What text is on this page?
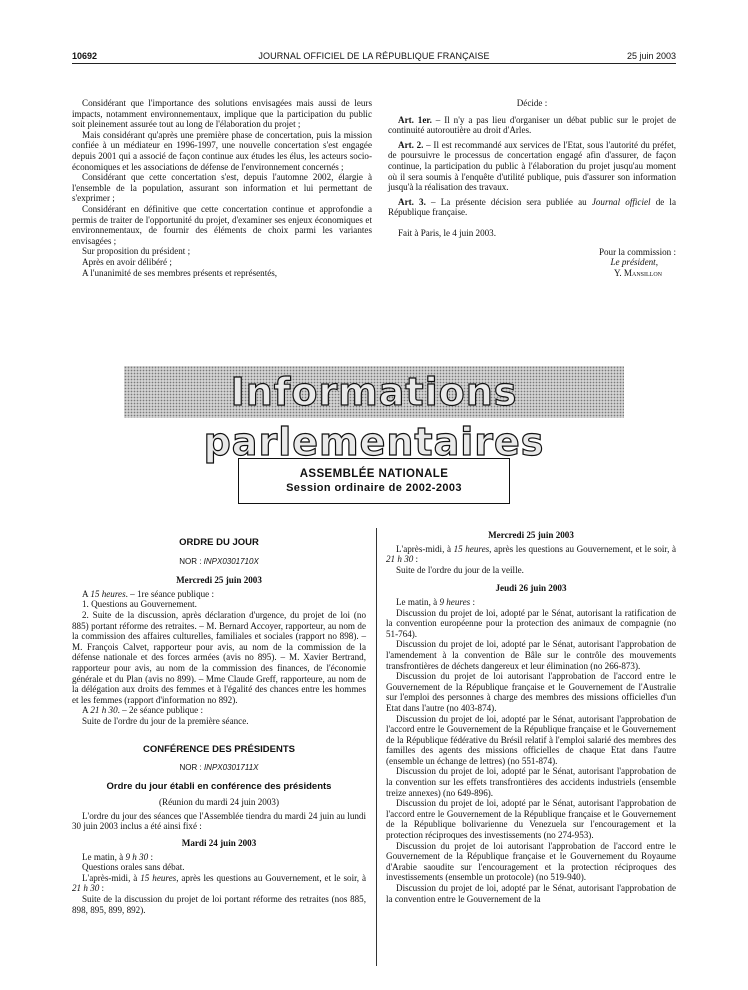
10692	JOURNAL OFFICIEL DE LA RÉPUBLIQUE FRANÇAISE	25 juin 2003

Considérant que l'importance des solutions envisagées mais aussi de leurs impacts, notamment environnementaux, implique que la participation du public soit pleinement assurée tout au long de l'élaboration du projet ;

Mais considérant qu'après une première phase de concertation, puis la mission confiée à un médiateur en 1996-1997, une nouvelle concertation s'est engagée depuis 2001 qui a associé de façon continue aux études les élus, les acteurs socio-économiques et les associations de défense de l'environnement concernés ;

Considérant que cette concertation s'est, depuis l'automne 2002, élargie à l'ensemble de la population, assurant son information et lui permettant de s'exprimer ;

Considérant en définitive que cette concertation continue et approfondie a permis de traiter de l'opportunité du projet, d'examiner ses enjeux économiques et environnementaux, de fournir des éléments de choix parmi les variantes envisagées ;

Sur proposition du président ;

Après en avoir délibéré ;

A l'unanimité de ses membres présents et représentés,

Décide :

Art. 1er. – Il n'y a pas lieu d'organiser un débat public sur le projet de continuité autoroutière au droit d'Arles.

Art. 2. – Il est recommandé aux services de l'Etat, sous l'autorité du préfet, de poursuivre le processus de concertation engagé afin d'assurer, de façon continue, la participation du public à l'élaboration du projet jusqu'au moment où il sera soumis à l'enquête d'utilité publique, puis d'assurer son information jusqu'à la réalisation des travaux.

Art. 3. – La présente décision sera publiée au Journal officiel de la République française.

Fait à Paris, le 4 juin 2003.

Pour la commission :
Le président,
Y. Mansillon
Informations parlementaires
ASSEMBLÉE NATIONALE
Session ordinaire de 2002-2003

ORDRE DU JOUR

NOR : INPX0301710X

Mercredi 25 juin 2003

A 15 heures. – 1re séance publique :

1. Questions au Gouvernement.

2. Suite de la discussion, après déclaration d'urgence, du projet de loi (no 885) portant réforme des retraites. – M. Bernard Accoyer, rapporteur, au nom de la commission des affaires culturelles, familiales et sociales (rapport no 898). – M. François Calvet, rapporteur pour avis, au nom de la commission de la défense nationale et des forces armées (avis no 895). – M. Xavier Bertrand, rapporteur pour avis, au nom de la commission des finances, de l'économie générale et du Plan (avis no 899). – Mme Claude Greff, rapporteure, au nom de la délégation aux droits des femmes et à l'égalité des chances entre les hommes et les femmes (rapport d'information no 892).

A 21 h 30. – 2e séance publique :

Suite de l'ordre du jour de la première séance.

CONFÉRENCE DES PRÉSIDENTS

NOR : INPX0301711X

Ordre du jour établi en conférence des présidents

(Réunion du mardi 24 juin 2003)

L'ordre du jour des séances que l'Assemblée tiendra du mardi 24 juin au lundi 30 juin 2003 inclus a été ainsi fixé :

Mardi 24 juin 2003

Le matin, à 9 h 30 :

Questions orales sans débat.

L'après-midi, à 15 heures, après les questions au Gouvernement, et le soir, à 21 h 30 :

Suite de la discussion du projet de loi portant réforme des retraites (nos 885, 898, 895, 899, 892).

Mercredi 25 juin 2003

L'après-midi, à 15 heures, après les questions au Gouvernement, et le soir, à 21 h 30 :

Suite de l'ordre du jour de la veille.

Jeudi 26 juin 2003

Le matin, à 9 heures :

Discussion du projet de loi, adopté par le Sénat, autorisant la ratification de la convention européenne pour la protection des animaux de compagnie (no 51-764).

Discussion du projet de loi, adopté par le Sénat, autorisant l'approbation de l'amendement à la convention de Bâle sur le contrôle des mouvements transfrontières de déchets dangereux et leur élimination (no 266-873).

Discussion du projet de loi autorisant l'approbation de l'accord entre le Gouvernement de la République française et le Gouvernement de l'Australie sur l'emploi des personnes à charge des membres des missions officielles d'un Etat dans l'autre (no 403-874).

Discussion du projet de loi, adopté par le Sénat, autorisant l'approbation de l'accord entre le Gouvernement de la République française et le Gouvernement de la République fédérative du Brésil relatif à l'emploi salarié des membres des familles des agents des missions officielles de chaque Etat dans l'autre (ensemble un échange de lettres) (no 551-874).

Discussion du projet de loi, adopté par le Sénat, autorisant l'approbation de la convention sur les effets transfrontières des accidents industriels (ensemble treize annexes) (no 649-896).

Discussion du projet de loi, adopté par le Sénat, autorisant l'approbation de l'accord entre le Gouvernement de la République française et le Gouvernement de la République bolivarienne du Venezuela sur l'encouragement et la protection réciproques des investissements (no 274-953).

Discussion du projet de loi autorisant l'approbation de l'accord entre le Gouvernement de la République française et le Gouvernement du Royaume d'Arabie saoudite sur l'encouragement et la protection réciproques des investissements (ensemble un protocole) (no 519-940).

Discussion du projet de loi, adopté par le Sénat, autorisant l'approbation de la convention entre le Gouvernement de la
